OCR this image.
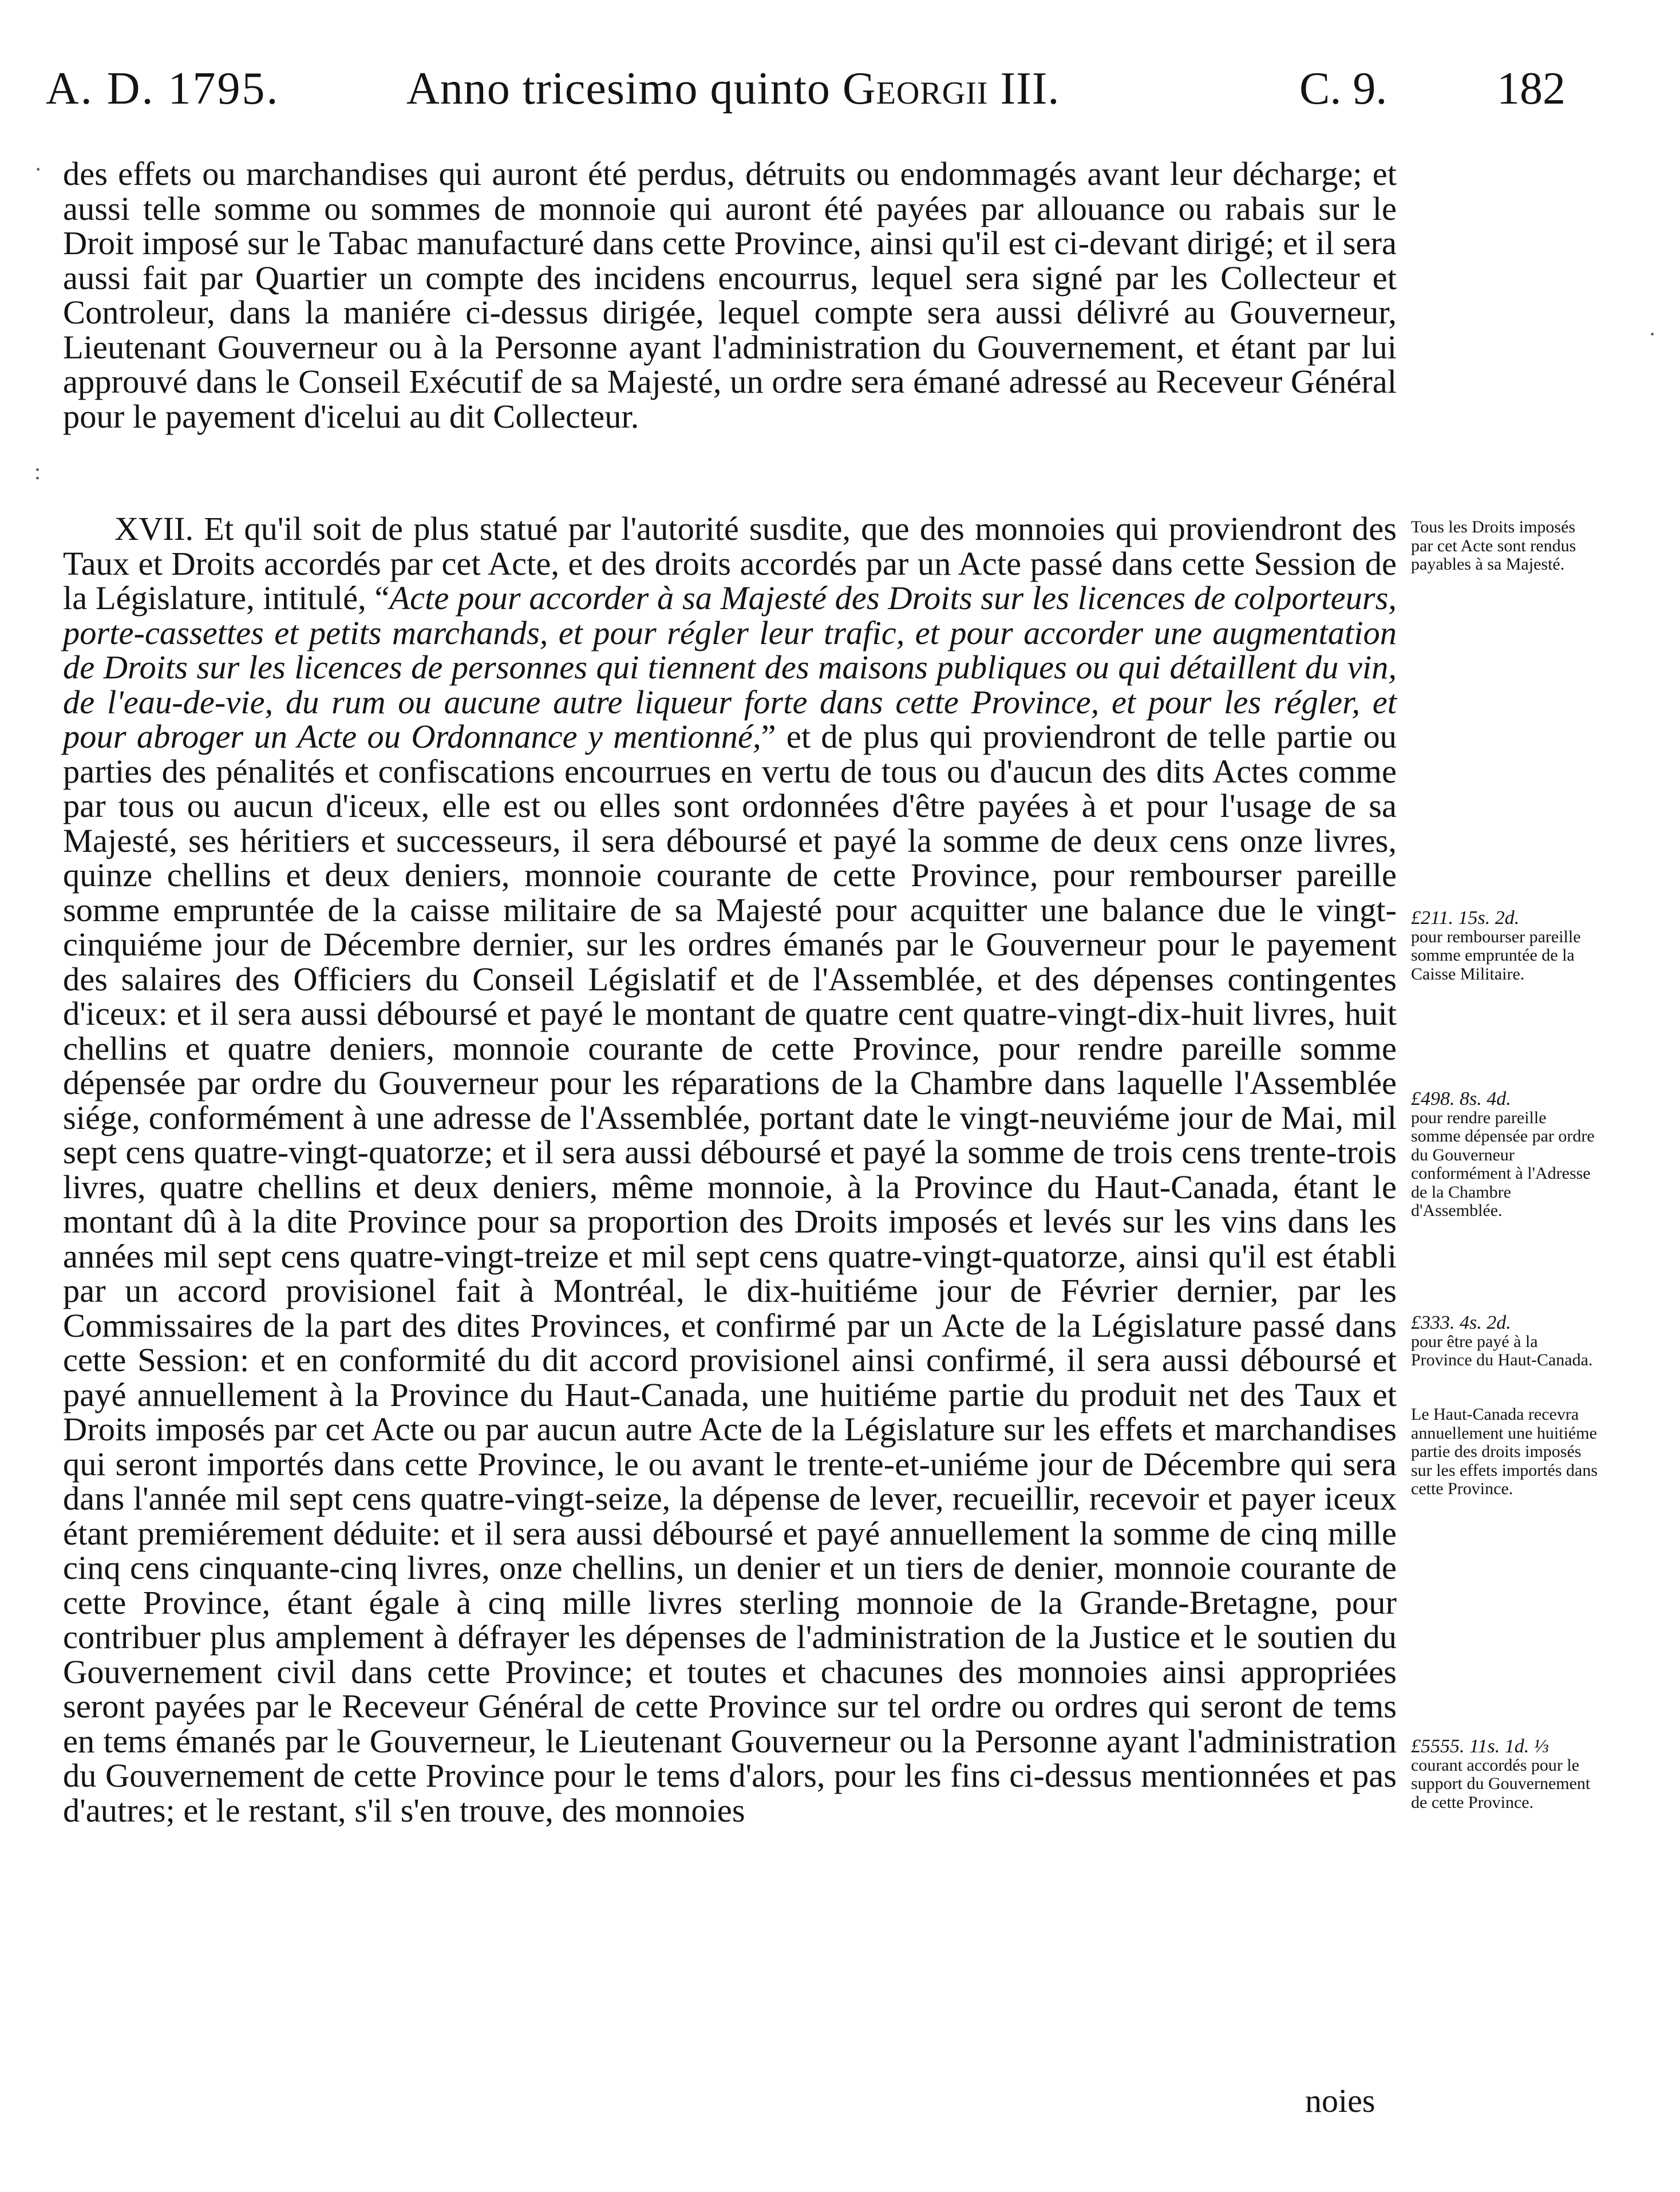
A. D. 1795.	Anno tricesimo quinto Georgii III.	C. 9. 182

des effets ou marchandises qui auront été perdus, détruits ou endommagés avant leur décharge; et aussi telle somme ou sommes de monnoie qui auront été payées par allouance ou rabais sur le Droit imposé sur le Tabac manufacturé dans cette Province, ainsi qu'il est ci-devant dirigé; et il sera aussi fait par Quartier un compte des incidens encourrus, lequel sera signé par les Collecteur et Controleur, dans la maniére ci-dessus dirigée, lequel compte sera aussi délivré au Gouverneur, Lieutenant Gouverneur ou à la Personne ayant l'administration du Gouvernement, et étant par lui approuvé dans le Conseil Exécutif de sa Majesté, un ordre sera émané adressé au Receveur Général pour le payement d'icelui au dit Collecteur.

XVII. Et qu'il soit de plus statué par l'autorité susdite, que des monnoies qui proviendront des Taux et Droits accordés par cet Acte, et des droits accordés par un Acte passé dans cette Session de la Législature, intitulé, “Acte pour accorder à sa Majesté des Droits sur les licences de colporteurs, porte-cassettes et petits marchands, et pour régler leur trafic, et pour accorder une augmentation de Droits sur les licences de personnes qui tiennent des maisons publiques ou qui détaillent du vin, de l'eau-de-vie, du rum ou aucune autre liqueur forte dans cette Province, et pour les régler, et pour abroger un Acte ou Ordonnance y mentionné,” et de plus qui proviendront de telle partie ou parties des pénalités et confiscations encourrues en vertu de tous ou d'aucun des dits Actes comme par tous ou aucun d'iceux, elle est ou elles sont ordonnées d'être payées à et pour l'usage de sa Majesté, ses héritiers et successeurs, il sera déboursé et payé la somme de deux cens onze livres, quinze chellins et deux deniers, monnoie courante de cette Province, pour rembourser pareille somme empruntée de la caisse militaire de sa Majesté pour acquitter une balance due le vingt-cinquiéme jour de Décembre dernier, sur les ordres émanés par le Gouverneur pour le payement des salaires des Officiers du Conseil Législatif et de l'Assemblée, et des dépenses contingentes d'iceux: et il sera aussi déboursé et payé le montant de quatre cent quatre-vingt-dix-huit livres, huit chellins et quatre deniers, monnoie courante de cette Province, pour rendre pareille somme dépensée par ordre du Gouverneur pour les réparations de la Chambre dans laquelle l'Assemblée siége, conformément à une adresse de l'Assemblée, portant date le vingt-neuviéme jour de Mai, mil sept cens quatre-vingt-quatorze; et il sera aussi déboursé et payé la somme de trois cens trente-trois livres, quatre chellins et deux deniers, même monnoie, à la Province du Haut-Canada, étant le montant dû à la dite Province pour sa proportion des Droits imposés et levés sur les vins dans les années mil sept cens quatre-vingt-treize et mil sept cens quatre-vingt-quatorze, ainsi qu'il est établi par un accord provisionel fait à Montréal, le dix-huitiéme jour de Février dernier, par les Commissaires de la part des dites Provinces, et confirmé par un Acte de la Législature passé dans cette Session: et en conformité du dit accord provisionel ainsi confirmé, il sera aussi déboursé et payé annuellement à la Province du Haut-Canada, une huitiéme partie du produit net des Taux et Droits imposés par cet Acte ou par aucun autre Acte de la Législature sur les effets et marchandises qui seront importés dans cette Province, le ou avant le trente-et-uniéme jour de Décembre qui sera dans l'année mil sept cens quatre-vingt-seize, la dépense de lever, recueillir, recevoir et payer iceux étant premiérement déduite: et il sera aussi déboursé et payé annuellement la somme de cinq mille cinq cens cinquante-cinq livres, onze chellins, un denier et un tiers de denier, monnoie courante de cette Province, étant égale à cinq mille livres sterling monnoie de la Grande-Bretagne, pour contribuer plus amplement à défrayer les dépenses de l'administration de la Justice et le soutien du Gouvernement civil dans cette Province; et toutes et chacunes des monnoies ainsi appropriées seront payées par le Receveur Général de cette Province sur tel ordre ou ordres qui seront de tems en tems émanés par le Gouverneur, le Lieutenant Gouverneur ou la Personne ayant l'administration du Gouvernement de cette Province pour le tems d'alors, pour les fins ci-dessus mentionnées et pas d'autres; et le restant, s'il s'en trouve, des monnoies

noies
Tous les Droits imposés par cet Acte sont rendus payables à sa Majesté.
£211. 15s. 2d.
pour rembourser pareille somme empruntée de la Caisse Militaire.
£498. 8s. 4d.
pour rendre pareille somme dépensée par ordre du Gouverneur conformément à l'Adresse de la Chambre d'Assemblée.
£333. 4s. 2d.
pour être payé à la Province du Haut-Canada.
Le Haut-Canada recevra annuellement une huitiéme partie des droits imposés sur les effets importés dans cette Province.
£5555. 11s. 1d. ⅓
courant accordés pour le support du Gouvernement de cette Province.
·
:
·
